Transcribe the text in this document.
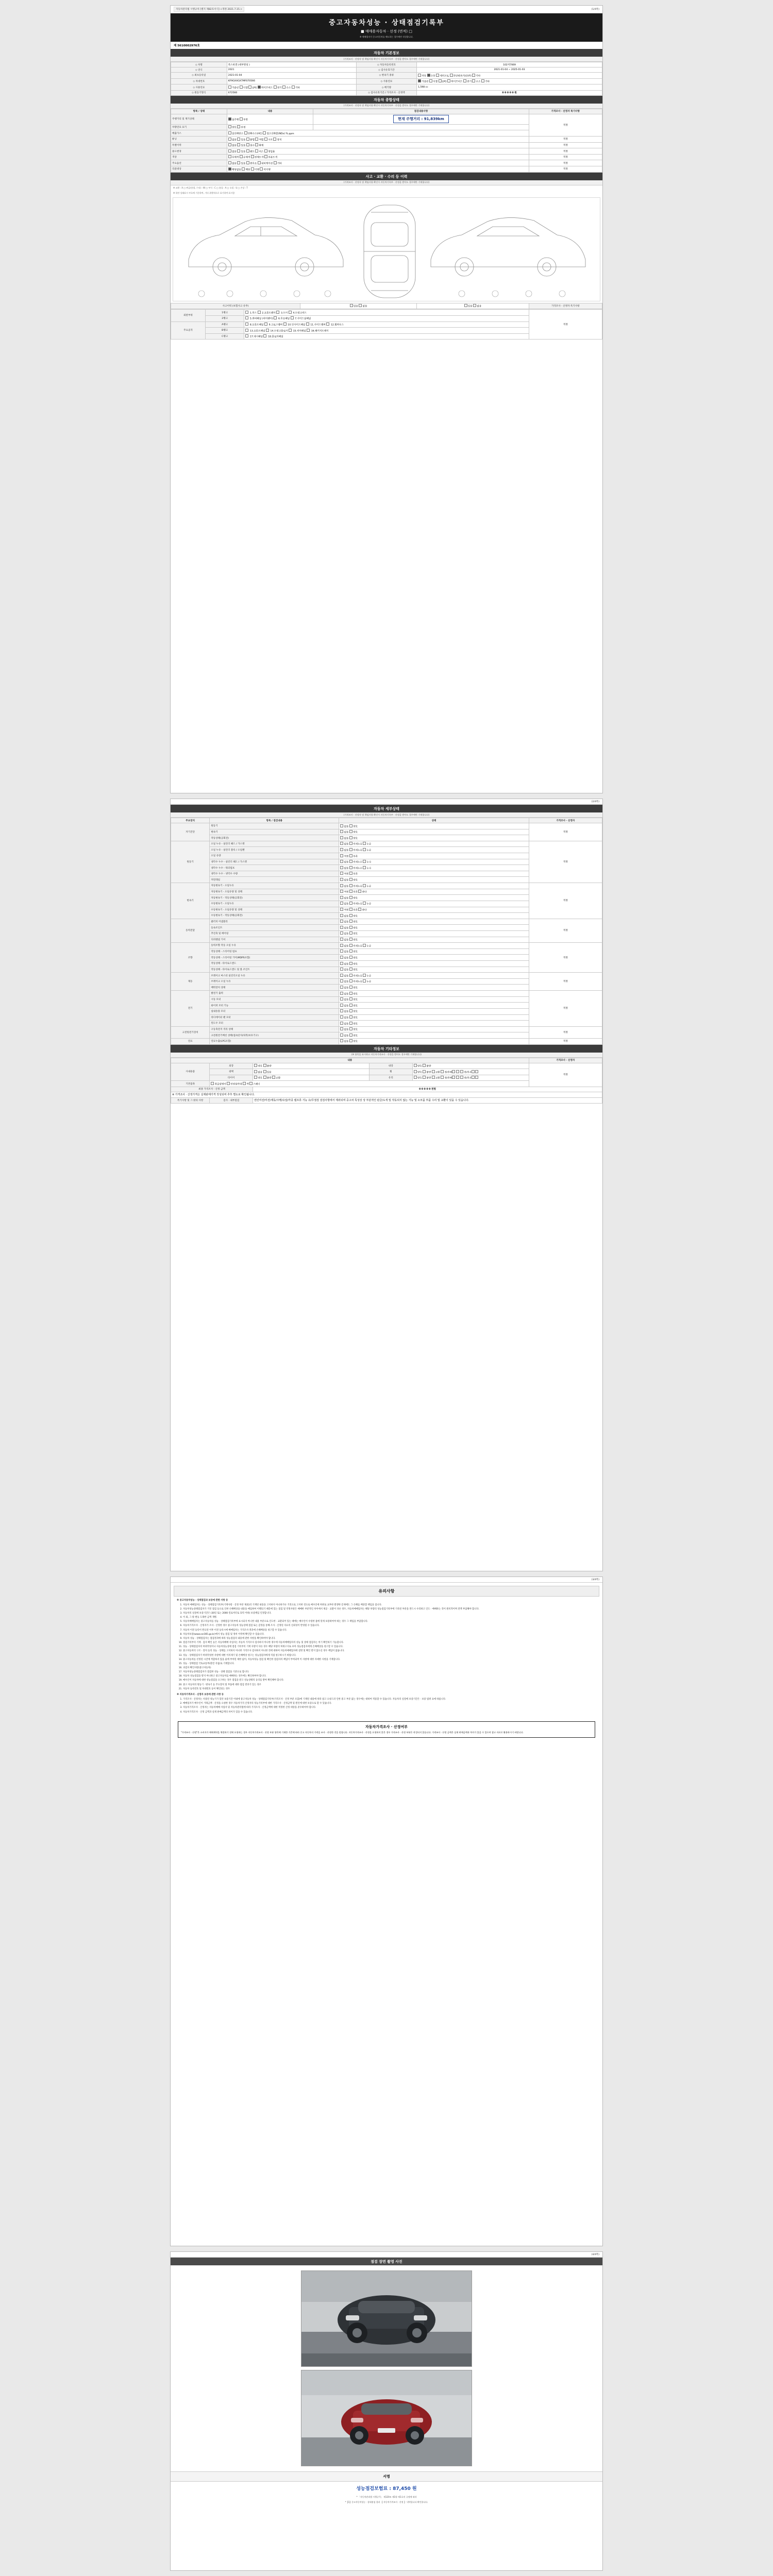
자동차관리법 시행규칙 [별지 제82호서식] <개정 2021.7.15.>	(1/4쪽)
중고자동차성능 · 상태점검기록부
■ 매매용자동차 · 선정 (면적) □
※ 매매업자가 중고자동차를 매도하는 경우에만 작성합니다.
제 5610002976호
자동차 기본정보
(가격조사 · 산정자 및 책임사항 확인시 자동차기록부 · 산정을 받아도 경우에만 기재합니다)
◇ 차명	폭스바겐 (세부명칭 )	◇ 자동차등록번호	102저7069
◇ 연식	2021	◇ 검사유효기간	2021-01-04 ~ 2025-01-03
◇ 최초등록일	2021-01-04	◇ 변속기 종류	자동 수동 세미오토 무단변속기(CVT) 기타
◇ 차대번호	KF9GXXGX7MF070566	◇ 사용연료	가솔린 디젤 LPG 하이브리드 전기 수소 기타
◇ 사용연료	가솔린 디젤 LPG 하이브리드 전기 수소 기타	◇ 배기량	1,598 cc
◇ 원동기형식	672560	◇ 검사유효기간 / 가격조사 · 산정액	0 0 0 0 0 원
자동차 종합상태
(가격조사 · 산정자 및 책임사항 확인시 자동차기록부 · 산정을 받아도 경우에만 기재합니다)
항목 / 상태	내용	점검내용사항	가격조사 · 산정자 특기사항
주행거리 및 계기상태	실주행 부정	현재 주행거리 : 91,839km	적정
차량연료 표기	양호 부정		
배출가스	일산화탄소 탄화수소(HC) 질소산화물(NOx) % ppm		
튜닝	없음 있음 불법 적법 구조 장치		적정
특별이력	없음 있음 침수 화재		적정
용도변경	없음 있음 렌트 리스 영업용		적정
색상	무채색 유채색 전체도색 부분도색		적정
주요옵션	없음 있음 썬루프 내비게이션 기타		적정
리콜대상	해당없음 해당 이행 미이행		적정
사고 · 교환 · 수리 등 이력
(가격조사 · 산정자 및 책임사항 확인시 자동차기록부 · 산정을 받아도 경우에만 기재합니다)
※ 교환 : X □ 판금(용접, 수리) : W □ 부식 : C □ 흠집 : A □ 요철 : U □ 손상 : T
※ 하단 상태표시 부호에 기준하여, 기타 위행적으로 표기하여 표시함
사고이력 (보험사고 유무)	있음 없음	있음 없음	가격조사 · 산정자 특기사항
외판부위	1랭크	1.후드  2.프론트펜더  3.도어  4.트렁크리드	적정
	2랭크	5.쿼터패널 (리어펜더)  6.루프패널  7.사이드실패널	
주요골격	A랭크	8.프론트패널  9.크로스멤버  10.인사이드패널  11.사이드멤버  12.휠하우스	
	B랭크	13.프론트패널  14.트렁크플로어  15.리어패널  16.패키지트레이	
	C랭크	17.대시패널  18.플로어패널	
(2/4쪽)
자동차 세부상태
(가격조사 · 산정자 및 책임사항 확인시 자동차기록부 · 산정을 받아도 경우에만 기재합니다)
주요장치	항목 / 점검내용	상태	가격조사 · 산정자
자기진단	원동기	없음 양호	적정
	변속기	없음 양호	
	작동상태(공회전)	없음 양호	
원동기	오일 누유 - 실린더 헤드 / 가스켓	없음 미세누유 누유	적정
	오일 누유 - 실린더 블록 / 오일팬	없음 미세누유 누유	
	오일 유량	적정 부족	
	냉각수 누수 - 실린더 헤드 / 가스켓	없음 미세누수 누수	
	냉각수 누수 - 워터펌프	없음 미세누수 누수	
	냉각수 누수 - 냉각수 수량	적정 부족	
	커먼레일	없음 양호	
변속기	자동변속기 - 오일누유	없음 미세누유 누유	적정
	자동변속기 - 오일유량 및 상태	적정 부족 과다	
	자동변속기 - 작동상태(공회전)	없음 양호	
	수동변속기 - 오일누유	없음 미세누유 누유	
	수동변속기 - 오일유량 및 상태	적정 부족 과다	
	수동변속기 - 작동상태(공회전)	없음 양호	
동력전달	클러치 어셈블리	없음 양호	적정
	등속조인트	없음 양호	
	추진축 및 베어링	없음 양호	
	디퍼렌셜 기어	없음 양호	
조향	동력조향 작동 오일 누유	없음 미세누유 누유	적정
	작동상태 - 스티어링 펌프	없음 양호	
	작동상태 - 스티어링 기어(MDPS포함)	없음 양호	
	작동상태 - 타이로드엔드	없음 양호	
	작동상태 - 타이로드앤드 및 볼 조인트	없음 양호	
제동	브레이크 마스터 실린더오일 누유	없음 미세누유 누유	적정
	브레이크 오일 누유	없음 미세누유 누유	
	배력장치 상태	없음 양호	
전기	발전기 출력	없음 양호	적정
	시동 모터	없음 양호	
	와이퍼 모터 기능	없음 양호	
	실내송풍 모터	없음 양호	
	라디에이터 팬 모터	없음 양호	
	윈도우 모터	없음 양호	
고전원전기장치	구동축전지 격리 상태	없음 양호	적정
	고전원전기배선 상태(접속단자/피복/보호기구)	없음 양호	
연료	연료누출(LPG포함)	없음 양호	적정
자동차 기타정보
(※ 항목을 표시하고 자동차가격조사 · 산정을 받아도 경우에만 기재합니다)
내용					가격조사 · 산정자
사내용품	외장	양호 불량	내장	양호 불량	적정
	광택	없음 있음	휠	양호 불량 교환 전/후좌 전/후우	
	타이어	양호 불량 교환	유리	양호 불량 교환 전/후좌 전/후우	
기본품목	취급설명서 안전삼각대 잭 스패너				
최종 가격조사 · 산정 금액		0 0 0 0 0 천원			
※ 가격조사 · 산정가격은 실제판매가격 작성되며 추후 별도로 확인됩니다.					
특기사항 및 그 밖의 사항	검사 · 내부점검	엔진미션/미션/제동/주행/유압/각종 램프류 기능 유/무점검 검검사항에서 제외되며 중고차 특성상 상 부분적인 판금/도색 및 작동되지 않는 기능 및 소모품 부품 수리 및 교환이 있을 수 있습니다.			
(3/4쪽)
유의사항

※ 중고자동차성능 · 상태점검과 보증에 관한 사항 등

1. 자동차 매매업자는 성능 · 상태점검기록부(기재사항 · 산정 부분 제외)의 기재된 내용을 고지하지 아니하거나 거짓으로 고지한 것으로 매수인에 허위로 교부한 발생한 문제에도 그 손해를 배상할 책임을 집니다.
2. 자동차성능상태점검자가 거짓 점검 등으로 인한 손해배상을 내용을 매입하여 이행되기 때문에 있는 점검 및 약정사항은 매매한 부분적인 차이에서 제공 · 교환이 다른 경우, 자동차매매업자는 해당 차량의 성능점검기록부에 기록된 부분을 반드시 수리하고 인도 · 매매하는 것이 원칙적이며 전액 부담해야 합니다.
3. 자동차의 실질에 보증기간은 (30일 또는 2000 킬로미터로 효력 이하) 보증책임 인정합니다.
4. 이 외, 그 밖 변동 도래한 금액 개별.
5. 자동차매매업자는 중고자동차를 성능 · 상태점검기록부에 표시되지 아니한 내용 부분으로 인도한 · 교환되어 있는 때에는 매수인이 수령한 불에 맞게 보증하여야 하는 경우 그 책임을 부담합니다.
6. 자동차가격조사 · 산정자가 조사 · 산정한 경우 중고자동차 성능상태 점검 또는 감정을 통해 조사 · 산정된 자료의 신뢰성이 반영될 수 있습니다.
7. 자동차 이전 등록이 완료된 이후 이전 등록시에 매매업자는 가격조사 결과에 손해배상을 청구할 수 있습니다.
8. 자동차보증(www.car365.go.kr)에서 성능 점검 및 정비 이력에 확인할 수 있습니다.
9. 자동차 성능 · 상태점검자는 점검결과에 따라 성능점검의 내용에 관한 사항을 확인하여야 합니다.
10. 점검기록부의 기재 · 검사 확인 등은 자동차매매 사업자는 자동차 가격조사 검사하지 아니한 경우에 자동차매매업자의 성능 및 상태 점검자는 여기 확인하기 가능합니다.
11. 성능 · 상태점검자의 허위작성이나 자동차성능상태 점검 기록부의 기재 사항이 다른 경우 해당 차량의 허위고지로 보아 성능점검자에게 손해배상을 청구할 수 있습니다.
12. 중고자동차의 구조 · 장치 등의 성능 · 상태를 고지하지 아니한 가격조사 검사하지 아니한 것에 대하여 자동차매매업자에 설명 및 확인 받지 않으신 경우 책임이 없습니다.
13. 성능 · 상태점검자가 허위작성한 사항에 대한 이의제기 및 손해배상 청구는 성능점검자에게 직접 청구하시기 바랍니다.
14. 중고자동차를 선정된 시간에 적합하지 않을 줄에 부여된 제한 없이, 자동차성능 점검 및 확인한 점검자의 책임이 부여되며 이 사항에 대한 자세한 사항을 기재합니다.
15. 성능 · 상태점검 국토교통부(관련 지침)로 기재합니다.
16. 피검자 확인사항(중고자동차)
17. 자동차성능상태점검자가 점검한 성능 · 상태 점검을 기준으로 합니다.
18. 자동차 성능점검을 받지 아니하고 중고자동차를 매매하는 경우에는 확인하여야 합니다.
19. 매수인이 자동차에 대한 성능점검을 요구하는 경우 점검을 받고 성능상태의 동의를 받아 확인해야 합니다.
20. 중고 자동차의 원동기 · 변속기 등 주요장치 및 부품에 대한 점검 결과가 있는 경우
21. 자동차 등록번호 및 차대번호 등이 확인되는 경우

※ 자동차가격조사 · 산정자 보증에 관한 사항 등

1. 가격조사 · 산정자는 사용된 성능기가 있던 보증기간 이내에 중고자동차 성능 · 상태점검기록부(가격조사 · 산정 부분 포함)에 기재된 내용에 따라 참고 요청드려 인한 중고 부분 없는 경우에는 대하여 적용할 수 있습니다. 자동차의 실질에 보증기간은 · 보증 범위 표에 따릅니다.
2. 매매업자가 매수인이 거래금액 · 산정을 요청한 경우 자동차가격 산정자의 성능기록부에 대한 가격조사 · 산정금액 및 원인에 대한 보증으로 할 수 있습니다.
3. 자동차가격조사 · 산정자는 자동차매매 사업자 및 자동차관리법에 따라 가격조사 · 산정금액에 대한 적정한 산정 대상을 준수하여야 합니다.
4. 자동차가격조사 · 산정 금액과 실제 판매금액의 차이가 있을 수 있습니다.
자동차가격조사 · 산정여부
"가격조사 · 산정"은 소비자가 매매계약을 체결하기 전에 요청하는 경우 자동차가격조사 · 산정 부분 항목에 기재한 기준에 따라 중고 자동차의 가격을 조사 · 산정한 것을 말합니다. 자동차가격조사 · 산정을 요청하지 않은 경우 가격조사 · 산정 부분은 작성되지 않습니다. 가격조사 · 산정 금액은 실제 판매금액과 차이가 있을 수 있으며 참고 자료로 활용하시기 바랍니다.
(4/4쪽)
점검 장면 촬영 사진
서명
성능점검보험료 : 87,450 원
* 「자동차관리법 시행규칙」 제120조 제1항 제1호의 규정에 따라
*【1】중고자동차성능 · 상태점검 결과 【 자동차가격조사 · 산정 】 내역입니다 확인합니다.
